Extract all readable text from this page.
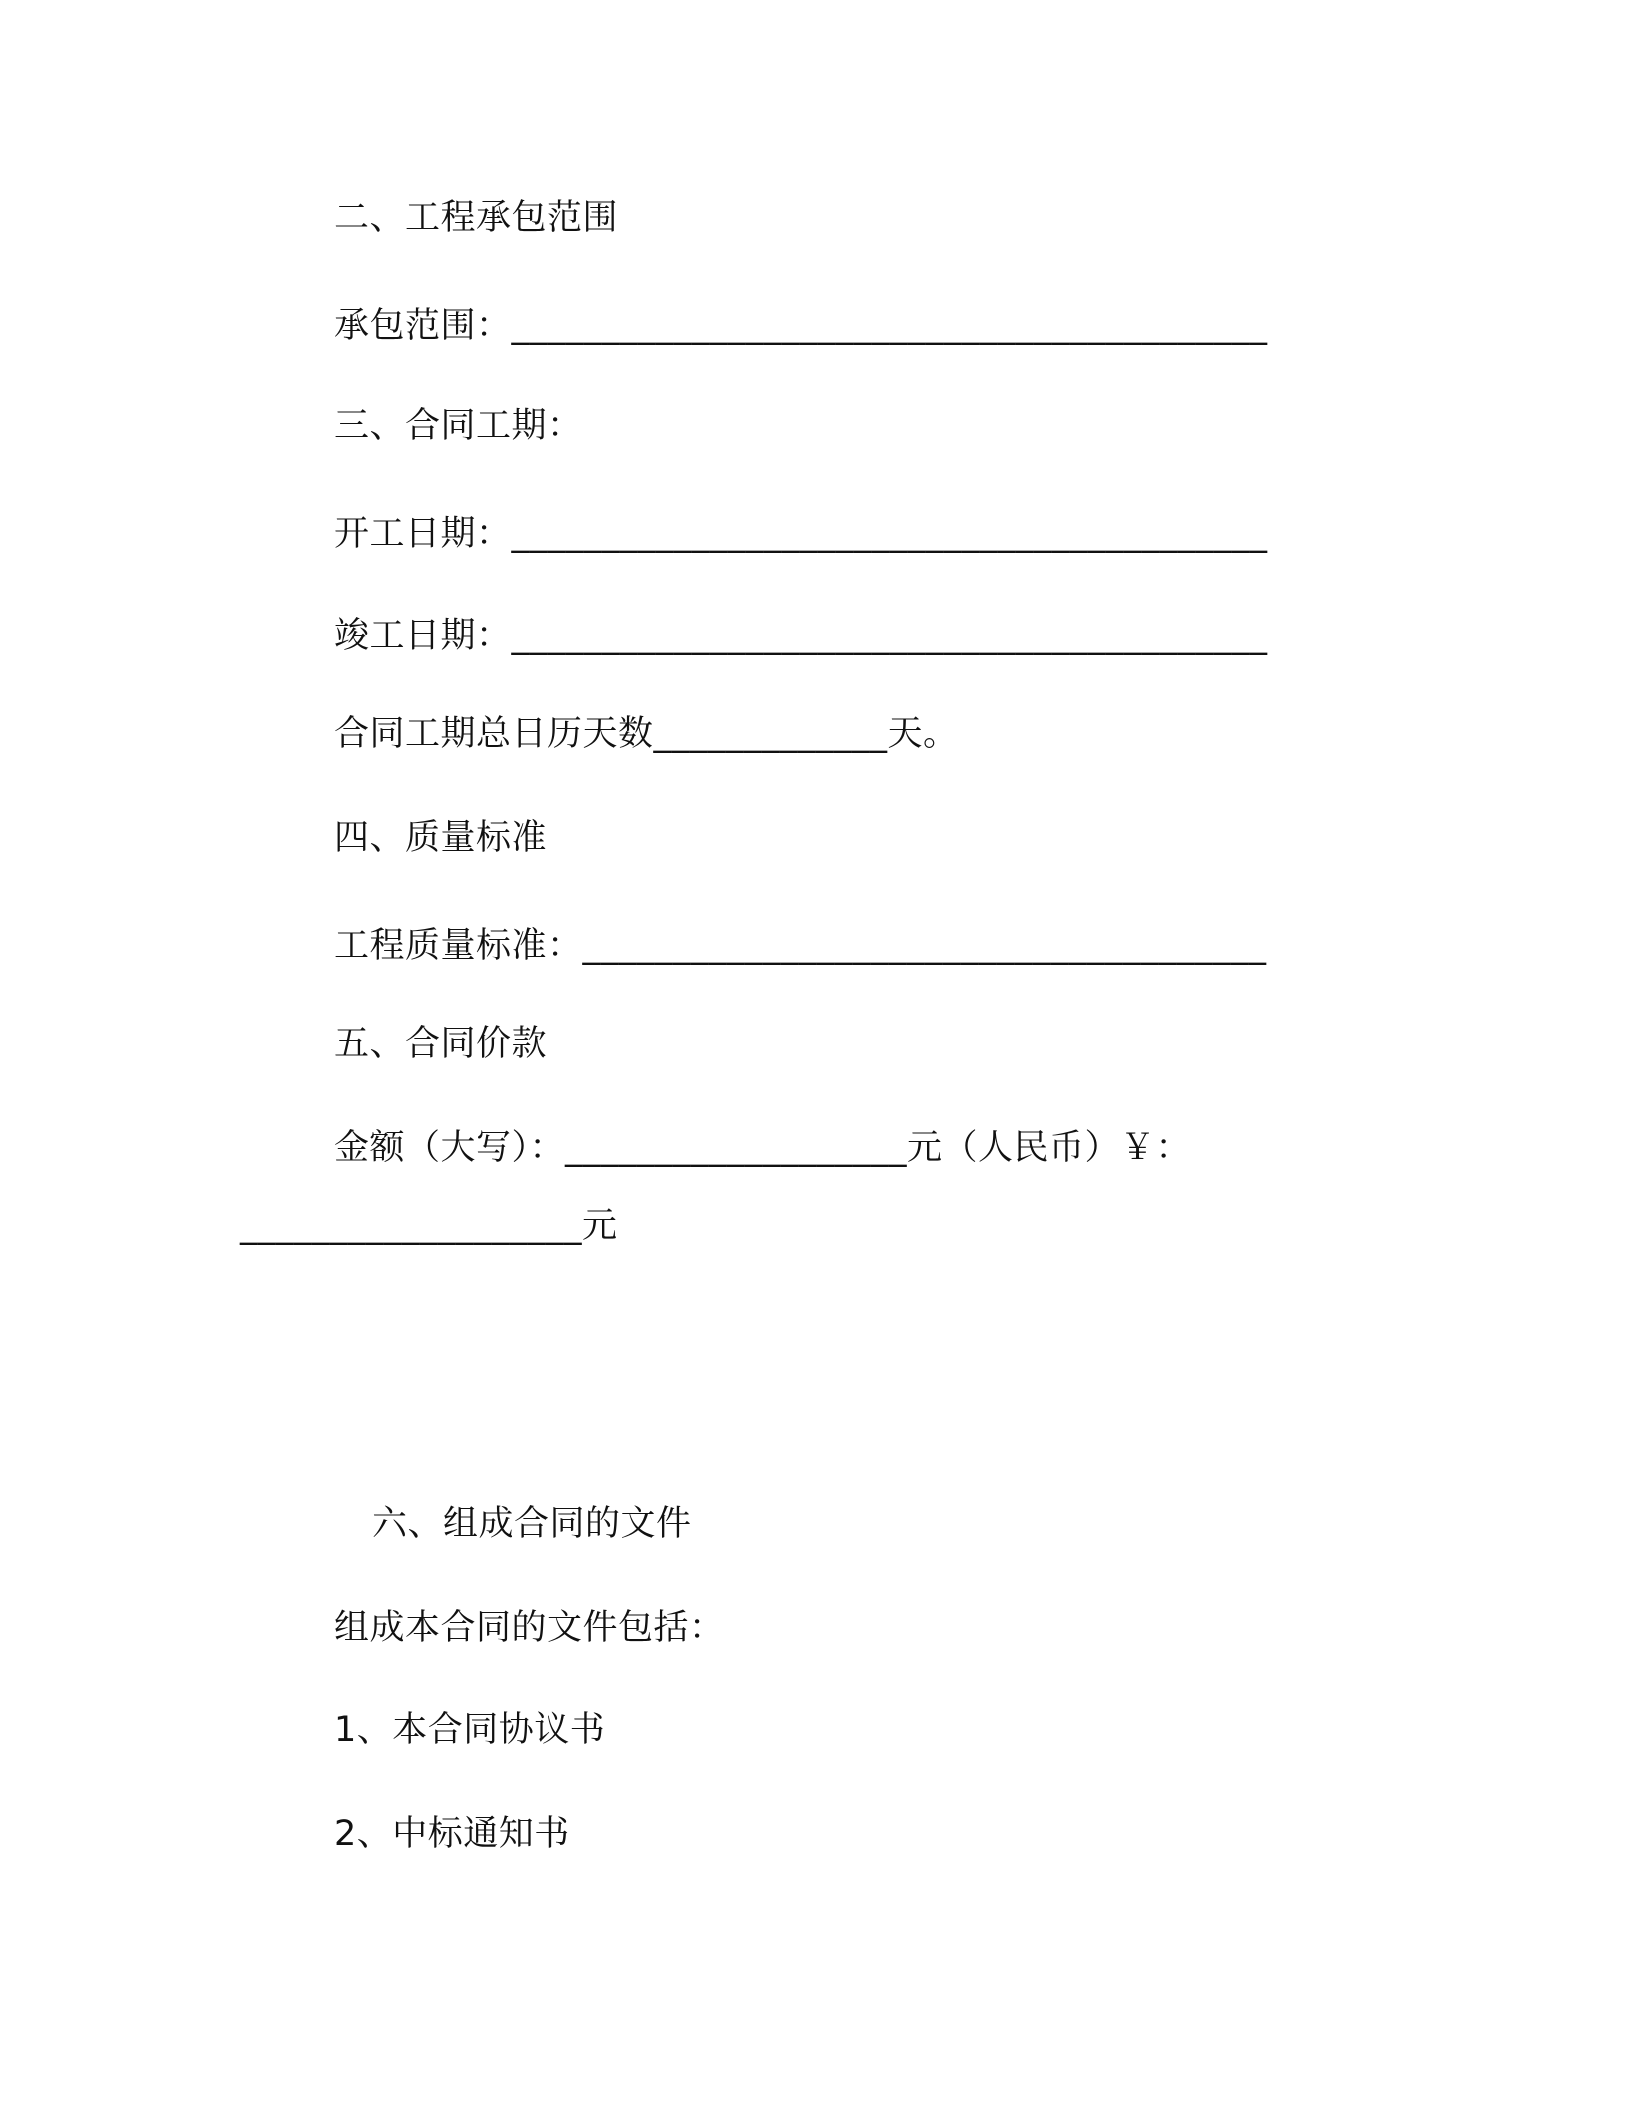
二、工程承包范围
承包范围：__________________________________________
三、合同工期：
开工日期：__________________________________________
竣工日期：__________________________________________
合同工期总日历天数_____________天。
四、质量标准
工程质量标准：______________________________________
五、合同价款
金额（大写）：___________________元（人民币）￥：
___________________元
六、组成合同的文件
组成本合同的文件包括：
1、本合同协议书
2、中标通知书
